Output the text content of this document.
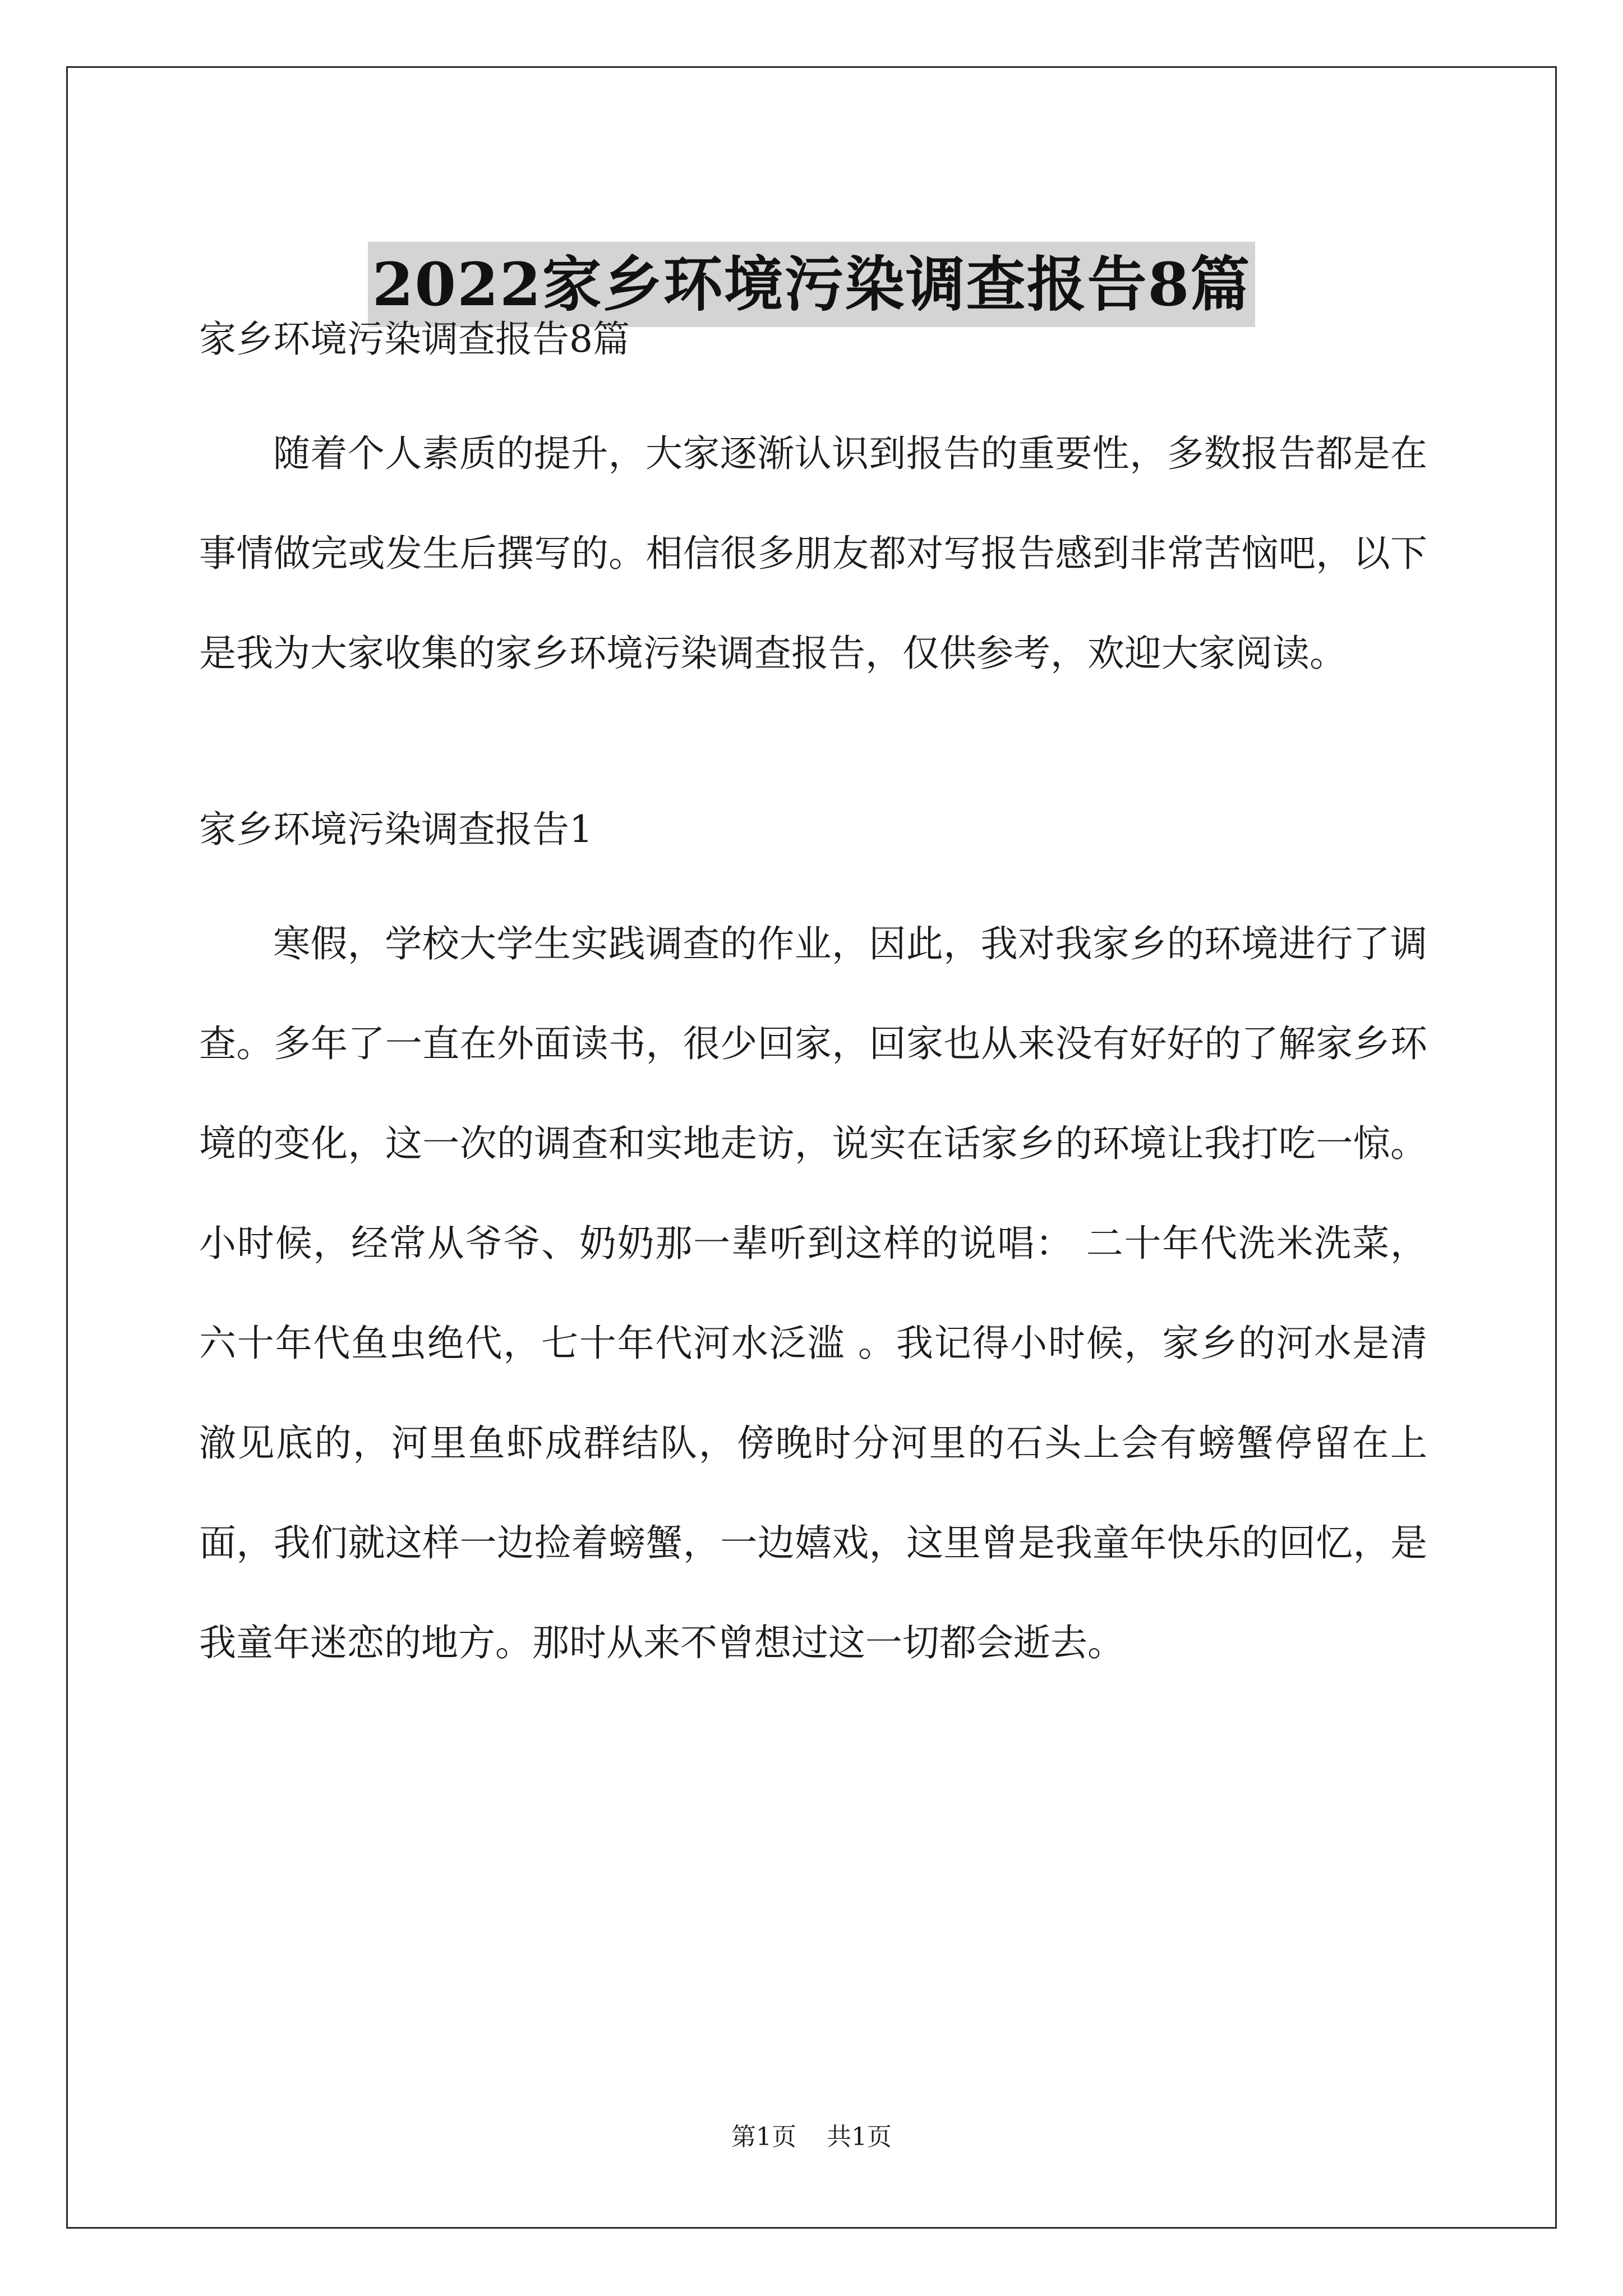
2022家乡环境污染调查报告8篇

家乡环境污染调查报告8篇

随着个人素质的提升，大家逐渐认识到报告的重要性，多数报告都是在事情做完或发生后撰写的。相信很多朋友都对写报告感到非常苦恼吧，以下是我为大家收集的家乡环境污染调查报告，仅供参考，欢迎大家阅读。

家乡环境污染调查报告1

寒假，学校大学生实践调查的作业，因此，我对我家乡的环境进行了调查。多年了一直在外面读书，很少回家，回家也从来没有好好的了解家乡环境的变化，这一次的调查和实地走访，说实在话家乡的环境让我打吃一惊。小时候，经常从爷爷、奶奶那一辈听到这样的说唱： 二十年代洗米洗菜，六十年代鱼虫绝代，七十年代河水泛滥 。我记得小时候，家乡的河水是清澈见底的，河里鱼虾成群结队，傍晚时分河里的石头上会有螃蟹停留在上面，我们就这样一边捡着螃蟹，一边嬉戏，这里曾是我童年快乐的回忆，是我童年迷恋的地方。那时从来不曾想过这一切都会逝去。

第1页 共1页
